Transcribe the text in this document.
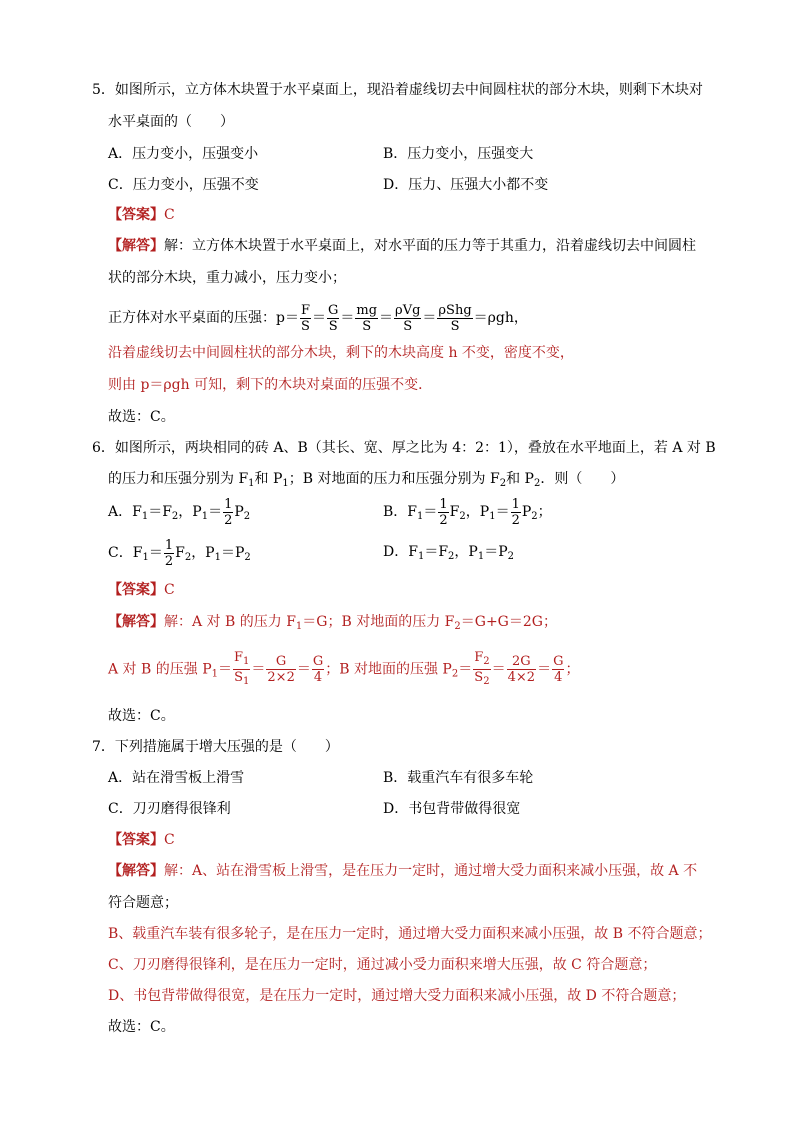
5．如图所示，立方体木块置于水平桌面上，现沿着虚线切去中间圆柱状的部分木块，则剩下木块对
水平桌面的（　　）
A．压力变小，压强变小	B．压力变小，压强变大
C．压力变小，压强不变	D．压力、压强大小都不变
【答案】C
【解答】解：立方体木块置于水平桌面上，对水平面的压力等于其重力，沿着虚线切去中间圆柱
状的部分木块，重力减小，压力变小；
正方体对水平桌面的压强：$p= \frac{F}{S} = \frac{G}{S} = \frac{mg}{S} = \frac{\text{ρVg}}{S} = \frac{\text{ρShg}}{S} =\rho gh$，
沿着虚线切去中间圆柱状的部分木块，剩下的木块高度 h 不变，密度不变，
则由 p＝ρgh 可知，剩下的木块对桌面的压强不变．
故选：C。
6．如图所示，两块相同的砖 A、B（其长、宽、厚之比为 4：2：1），叠放在水平地面上，若 A 对 B
的压力和压强分别为 $F_1$和 $P_1$；B 对地面的压力和压强分别为 $F_2$和 $P_2$．则（　　）
A．$F_1=F_2$，$P_1= \frac{1}{2} P_2$	B．$F_1= \frac{1}{2} F_2$，$P_1= \frac{1}{2} P_2$；
C．$F_1= \frac{1}{2} F_2$，$P_1=P_2$	D．$F_1=F_2$，$P_1=P_2$
【答案】C
【解答】解：A 对 B 的压力 $F_1=G$；B 对地面的压力 $F_2=G+G=2G$；
A 对 B 的压强 $P_1= \frac{F_1}{S_1} = \frac{G}{2\times 2} = \frac{G}{4}$ ；B 对地面的压强 $P_2= \frac{F_2}{S_2} = \frac{2G}{4\times 2} = \frac{G}{4}$ ；
故选：C。
7．下列措施属于增大压强的是（　　）
A．站在滑雪板上滑雪	B．载重汽车有很多车轮
C．刀刃磨得很锋利	D．书包背带做得很宽
【答案】C
【解答】解：A、站在滑雪板上滑雪，是在压力一定时，通过增大受力面积来减小压强，故 A 不
符合题意；
B、载重汽车装有很多轮子，是在压力一定时，通过增大受力面积来减小压强，故 B 不符合题意；
C、刀刃磨得很锋利，是在压力一定时，通过减小受力面积来增大压强，故 C 符合题意；
D、书包背带做得很宽，是在压力一定时，通过增大受力面积来减小压强，故 D 不符合题意；
故选：C。
